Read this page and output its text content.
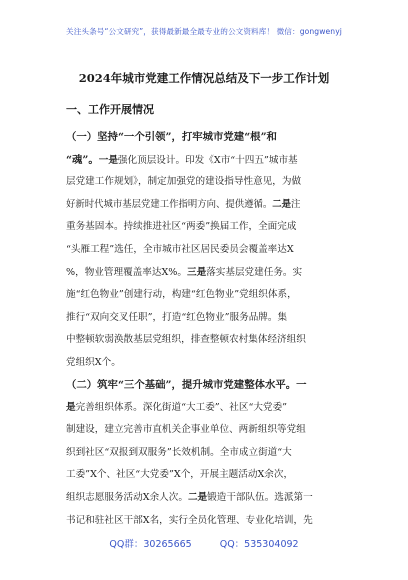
关注头条号“公文研究”，获得最新最全最专业的公文资料库！ 微信：gongwenyj
2024年城市党建工作情况总结及下一步工作计划
一、工作开展情况
（一）坚持“一个引领”，打牢城市党建“根”和
“魂”。一是强化顶层设计。印发《X市“十四五”城市基
层党建工作规划》，制定加强党的建设指导性意见，为做
好新时代城市基层党建工作指明方向、提供遵循。二是注
重务基固本。持续推进社区“两委”换届工作，全面完成
“头雁工程”选任，全市城市社区居民委员会覆盖率达X
%，物业管理覆盖率达X%。三是落实基层党建任务。实
施“红色物业”创建行动，构建“红色物业”党组织体系，
推行“双向交叉任职”，打造“红色物业”服务品牌。集
中整顿软弱涣散基层党组织，排查整顿农村集体经济组织
党组织X个。
（二）筑牢“三个基础”，提升城市党建整体水平。一
是完善组织体系。深化街道“大工委”、社区“大党委”
制建设，建立完善市直机关企事业单位、两新组织等党组
织到社区“双报到双服务”长效机制。全市成立街道“大
工委”X个、社区“大党委”X个，开展主题活动X余次，
组织志愿服务活动X余人次。二是锻造干部队伍。选派第一
书记和驻社区干部X名，实行全员化管理、专业化培训，先
QQ群：30265665	QQ：535304092
